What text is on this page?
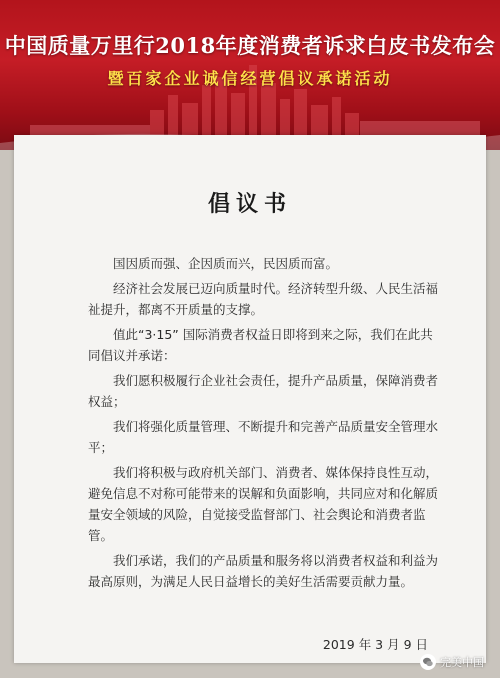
中国质量万里行2018年度消费者诉求白皮书发布会
暨百家企业诚信经营倡议承诺活动
倡议书

国因质而强、企因质而兴，民因质而富。

经济社会发展已迈向质量时代。经济转型升级、人民生活福祉提升，都离不开质量的支撑。

值此“3·15” 国际消费者权益日即将到来之际，我们在此共同倡议并承诺：

我们愿积极履行企业社会责任，提升产品质量，保障消费者权益；

我们将强化质量管理、不断提升和完善产品质量安全管理水平；

我们将积极与政府机关部门、消费者、媒体保持良性互动，避免信息不对称可能带来的误解和负面影响，共同应对和化解质量安全领域的风险，自觉接受监督部门、社会舆论和消费者监管。

我们承诺，我们的产品质量和服务将以消费者权益和利益为最高原则，为满足人民日益增长的美好生活需要贡献力量。

2019 年 3 月 9 日
完美中国
